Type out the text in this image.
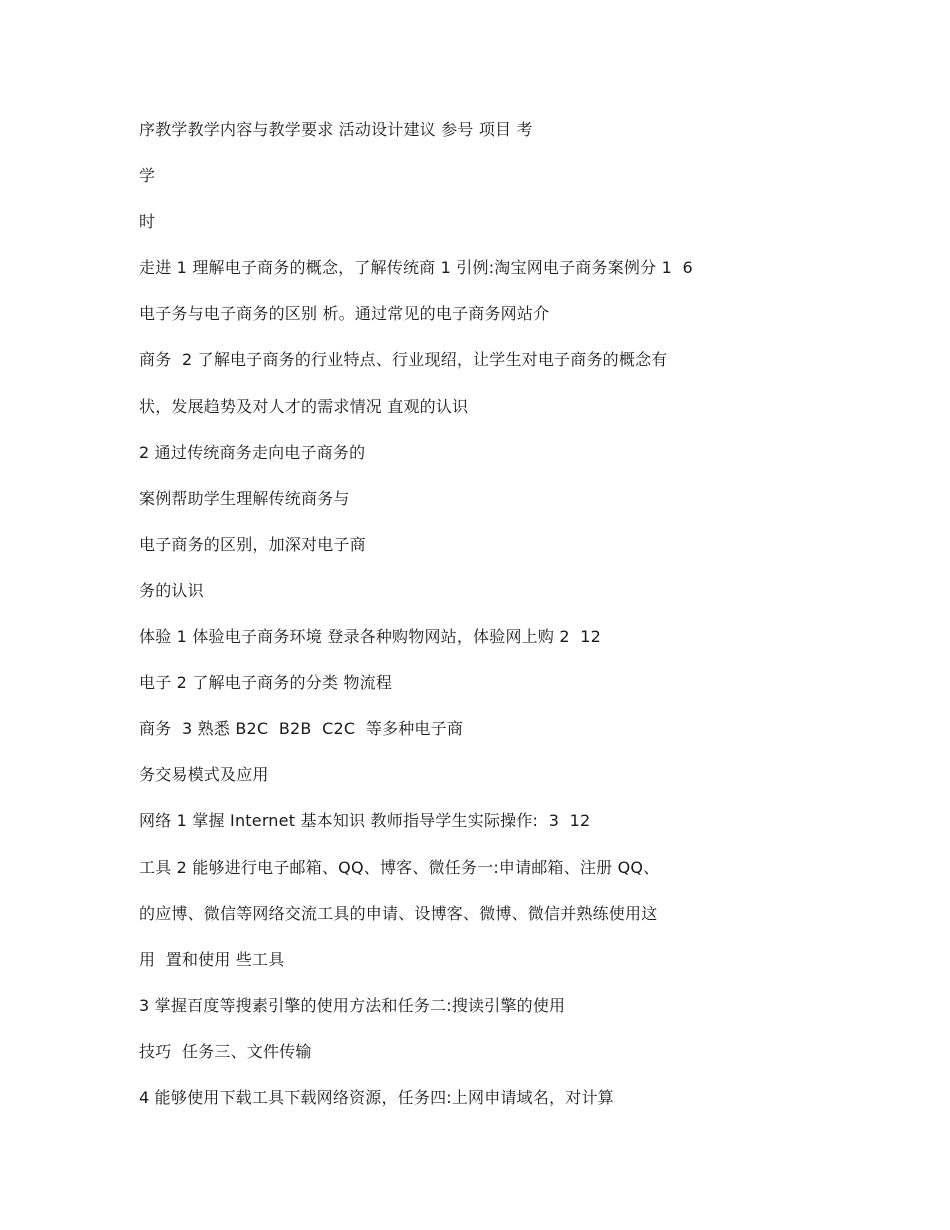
序教学教学内容与教学要求 活动设计建议 参号 项目 考
学
时
走进 1 理解电子商务的概念，了解传统商 1 引例:淘宝网电子商务案例分 1  6
电子务与电子商务的区别 析。通过常见的电子商务网站介
商务  2 了解电子商务的行业特点、行业现绍，让学生对电子商务的概念有
状，发展趋势及对人才的需求情况 直观的认识
2 通过传统商务走向电子商务的
案例帮助学生理解传统商务与
电子商务的区别，加深对电子商
务的认识
体验 1 体验电子商务环境 登录各种购物网站，体验网上购 2  12
电子 2 了解电子商务的分类 物流程
商务  3 熟悉 B2C  B2B  C2C  等多种电子商
务交易模式及应用
网络 1 掌握 Internet 基本知识 教师指导学生实际操作:  3  12
工具 2 能够进行电子邮箱、QQ、博客、微任务一:申请邮箱、注册 QQ、
的应博、微信等网络交流工具的申请、设博客、微博、微信并熟练使用这
用  置和使用 些工具
3 掌握百度等搜素引擎的使用方法和任务二:搜读引擎的使用
技巧  任务三、文件传输
4 能够使用下载工具下载网络资源，任务四:上网申请域名，对计算
